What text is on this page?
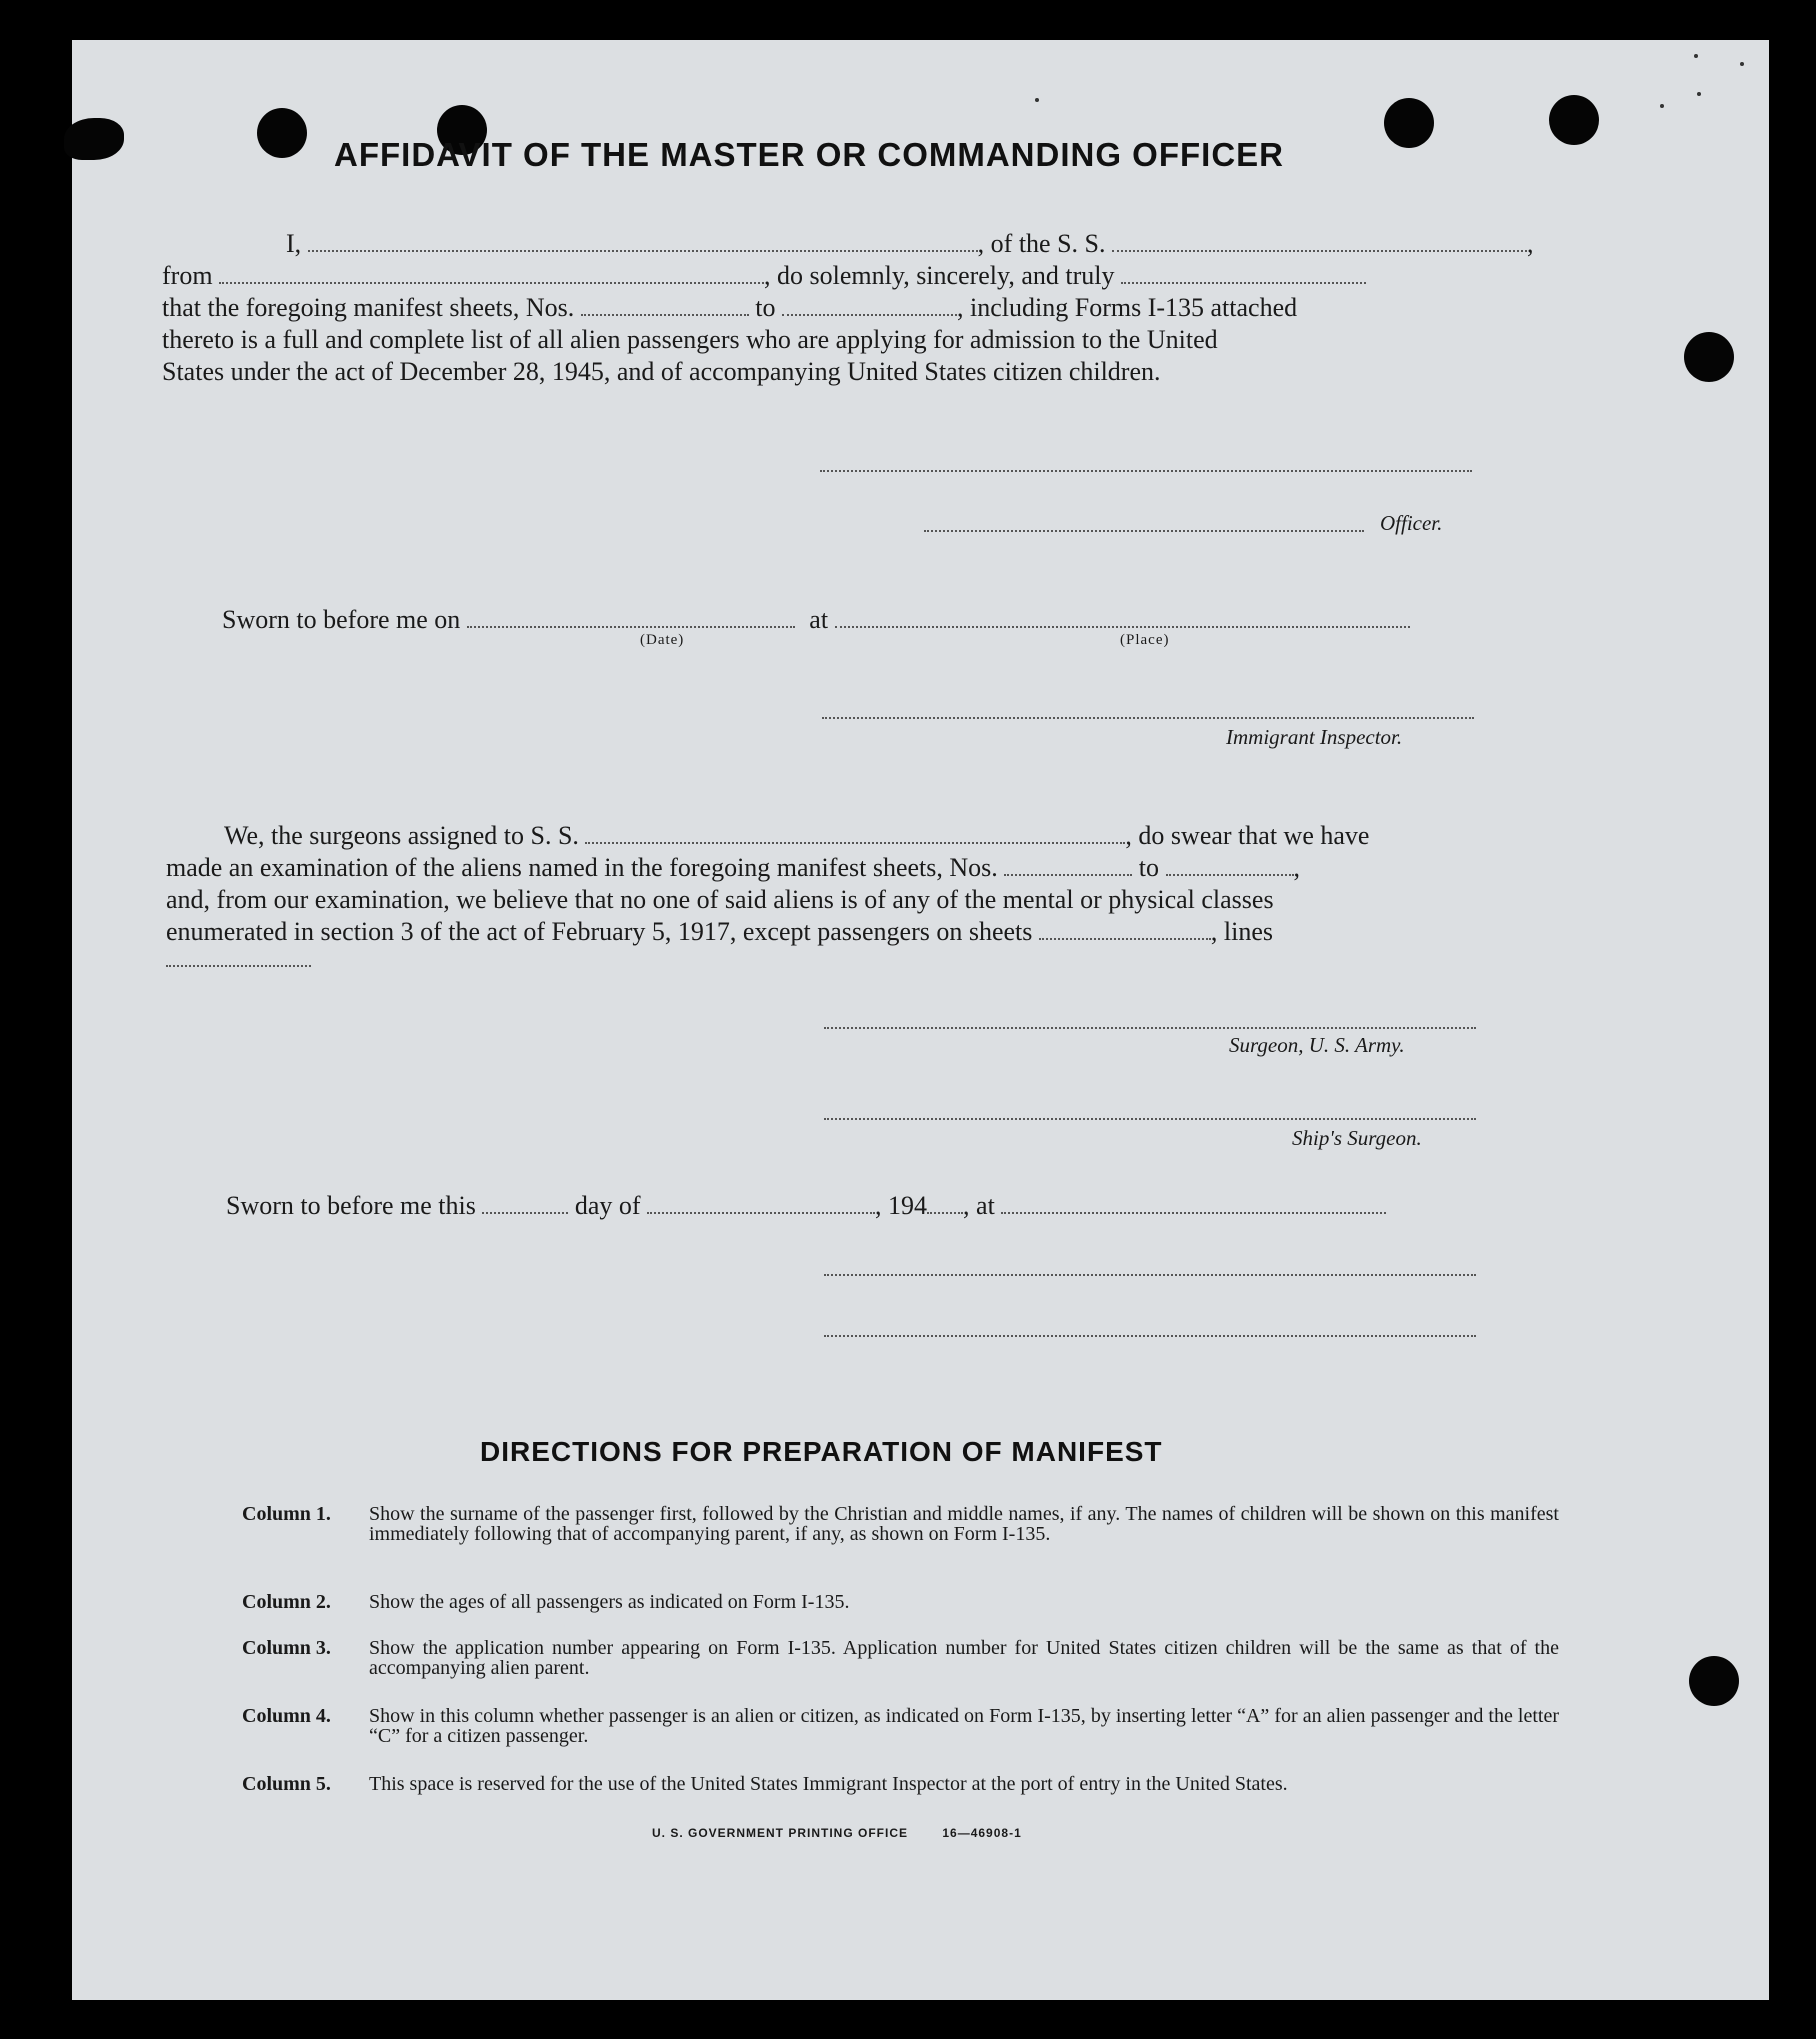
AFFIDAVIT OF THE MASTER OR COMMANDING OFFICER
I,	, of the S. S.	,
from	, do solemnly, sincerely, and truly
that the foregoing manifest sheets, Nos.	to	, including Forms I-135 attached
thereto is a full and complete list of all alien passengers who are applying for admission to the United
States under the act of December 28, 1945, and of accompanying United States citizen children.
Officer.
Sworn to before me on	at
(Date)	(Place)
Immigrant Inspector.
We, the surgeons assigned to S. S.	, do swear that we have
made an examination of the aliens named in the foregoing manifest sheets, Nos.	to	,
and, from our examination, we believe that no one of said aliens is of any of the mental or physical classes
enumerated in section 3 of the act of February 5, 1917, except passengers on sheets	, lines
Surgeon, U. S. Army.
Ship's Surgeon.
Sworn to before me this	day of	, 194 , at
DIRECTIONS FOR PREPARATION OF MANIFEST
Column 1. Show the surname of the passenger first, followed by the Christian and middle names, if any. The names of children will be shown on this manifest immediately following that of accompanying parent, if any, as shown on Form I-135.
Column 2. Show the ages of all passengers as indicated on Form I-135.
Column 3. Show the application number appearing on Form I-135. Application number for United States citizen children will be the same as that of the accompanying alien parent.
Column 4. Show in this column whether passenger is an alien or citizen, as indicated on Form I-135, by inserting letter “A” for an alien passenger and the letter “C” for a citizen passenger.
Column 5. This space is reserved for the use of the United States Immigrant Inspector at the port of entry in the United States.
U. S. GOVERNMENT PRINTING OFFICE	16—46908-1
